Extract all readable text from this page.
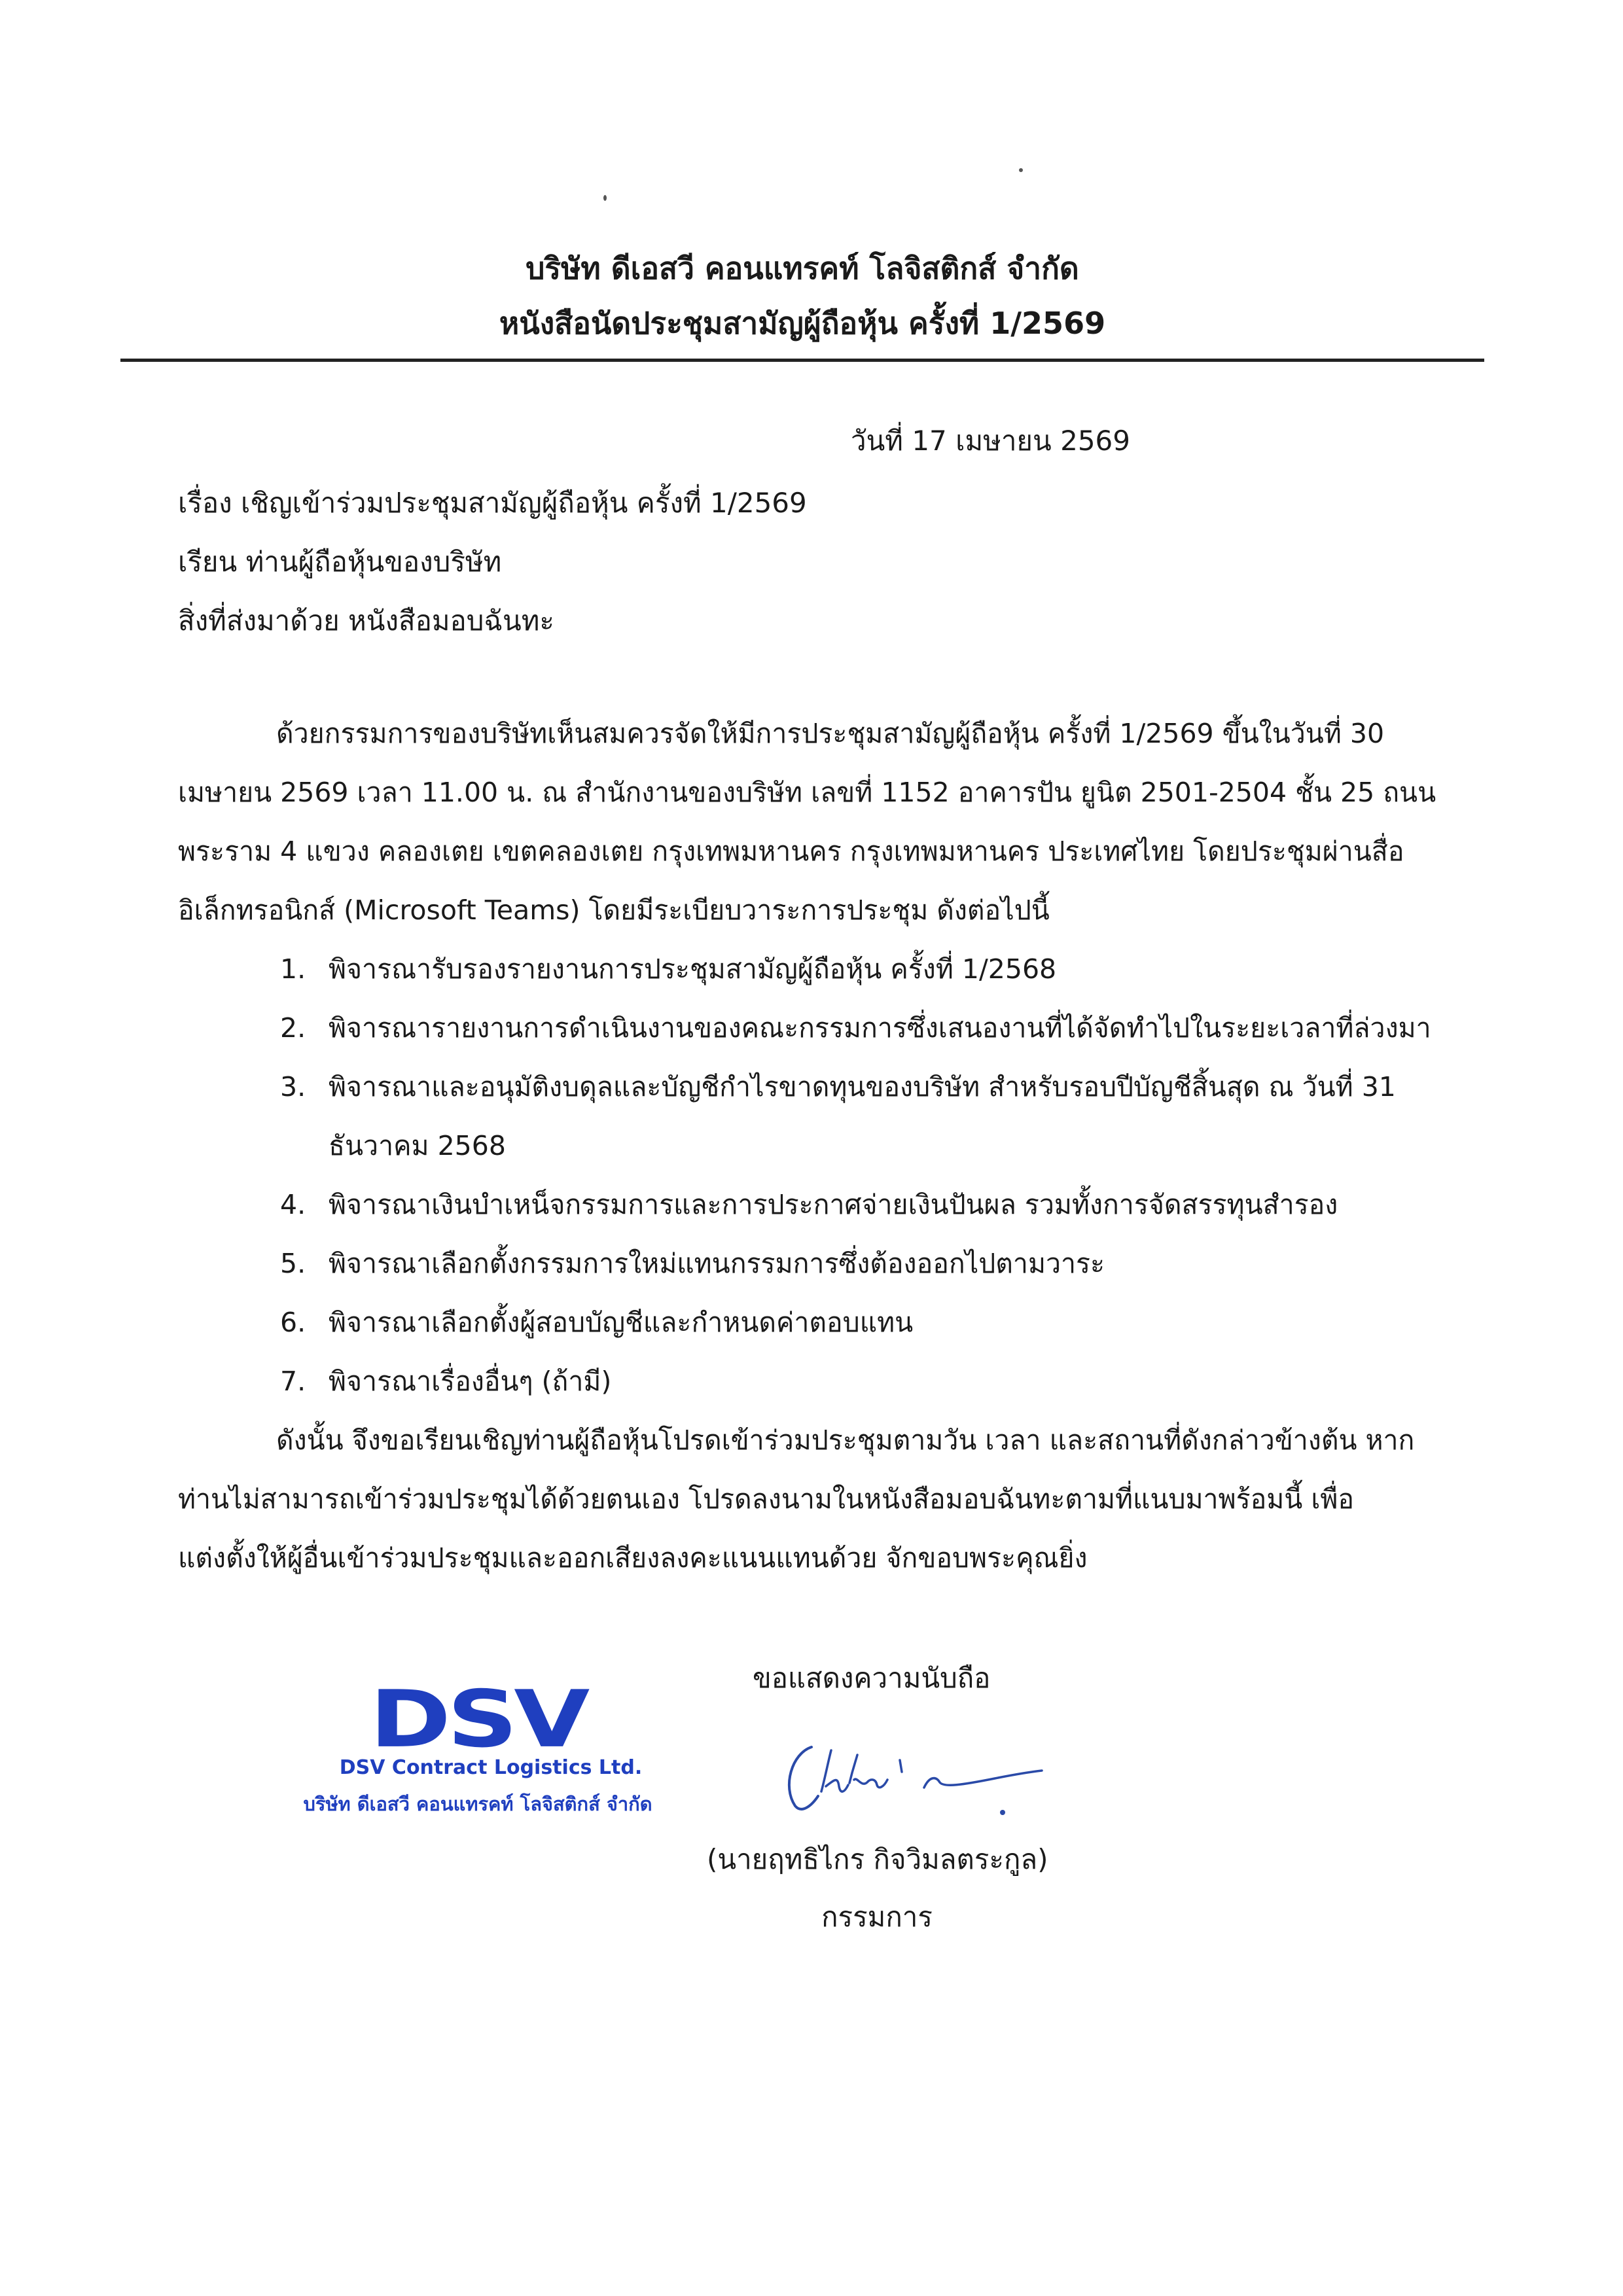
บริษัท ดีเอสวี คอนแทรคท์ โลจิสติกส์ จำกัด
หนังสือนัดประชุมสามัญผู้ถือหุ้น ครั้งที่ 1/2569
วันที่ 17 เมษายน 2569
เรื่อง เชิญเข้าร่วมประชุมสามัญผู้ถือหุ้น ครั้งที่ 1/2569
เรียน ท่านผู้ถือหุ้นของบริษัท
สิ่งที่ส่งมาด้วย หนังสือมอบฉันทะ
ด้วยกรรมการของบริษัทเห็นสมควรจัดให้มีการประชุมสามัญผู้ถือหุ้น ครั้งที่ 1/2569 ขึ้นในวันที่ 30
เมษายน 2569 เวลา 11.00 น. ณ สำนักงานของบริษัท เลขที่ 1152 อาคารปัน ยูนิต 2501-2504 ชั้น 25 ถนน
พระราม 4 แขวง คลองเตย เขตคลองเตย กรุงเทพมหานคร กรุงเทพมหานคร ประเทศไทย โดยประชุมผ่านสื่อ
อิเล็กทรอนิกส์ (Microsoft Teams) โดยมีระเบียบวาระการประชุม ดังต่อไปนี้
1. พิจารณารับรองรายงานการประชุมสามัญผู้ถือหุ้น ครั้งที่ 1/2568
2. พิจารณารายงานการดำเนินงานของคณะกรรมการซึ่งเสนองานที่ได้จัดทำไปในระยะเวลาที่ล่วงมา
3. พิจารณาและอนุมัติงบดุลและบัญชีกำไรขาดทุนของบริษัท สำหรับรอบปีบัญชีสิ้นสุด ณ วันที่ 31
ธันวาคม 2568
4. พิจารณาเงินบำเหน็จกรรมการและการประกาศจ่ายเงินปันผล รวมทั้งการจัดสรรทุนสำรอง
5. พิจารณาเลือกตั้งกรรมการใหม่แทนกรรมการซึ่งต้องออกไปตามวาระ
6. พิจารณาเลือกตั้งผู้สอบบัญชีและกำหนดค่าตอบแทน
7. พิจารณาเรื่องอื่นๆ (ถ้ามี)
ดังนั้น จึงขอเรียนเชิญท่านผู้ถือหุ้นโปรดเข้าร่วมประชุมตามวัน เวลา และสถานที่ดังกล่าวข้างต้น หาก
ท่านไม่สามารถเข้าร่วมประชุมได้ด้วยตนเอง โปรดลงนามในหนังสือมอบฉันทะตามที่แนบมาพร้อมนี้ เพื่อ
แต่งตั้งให้ผู้อื่นเข้าร่วมประชุมและออกเสียงลงคะแนนแทนด้วย จักขอบพระคุณยิ่ง
DSV
DSV Contract Logistics Ltd.
บริษัท ดีเอสวี คอนแทรคท์ โลจิสติกส์ จำกัด
ขอแสดงความนับถือ
(นายฤทธิไกร กิจวิมลตระกูล)
กรรมการ
